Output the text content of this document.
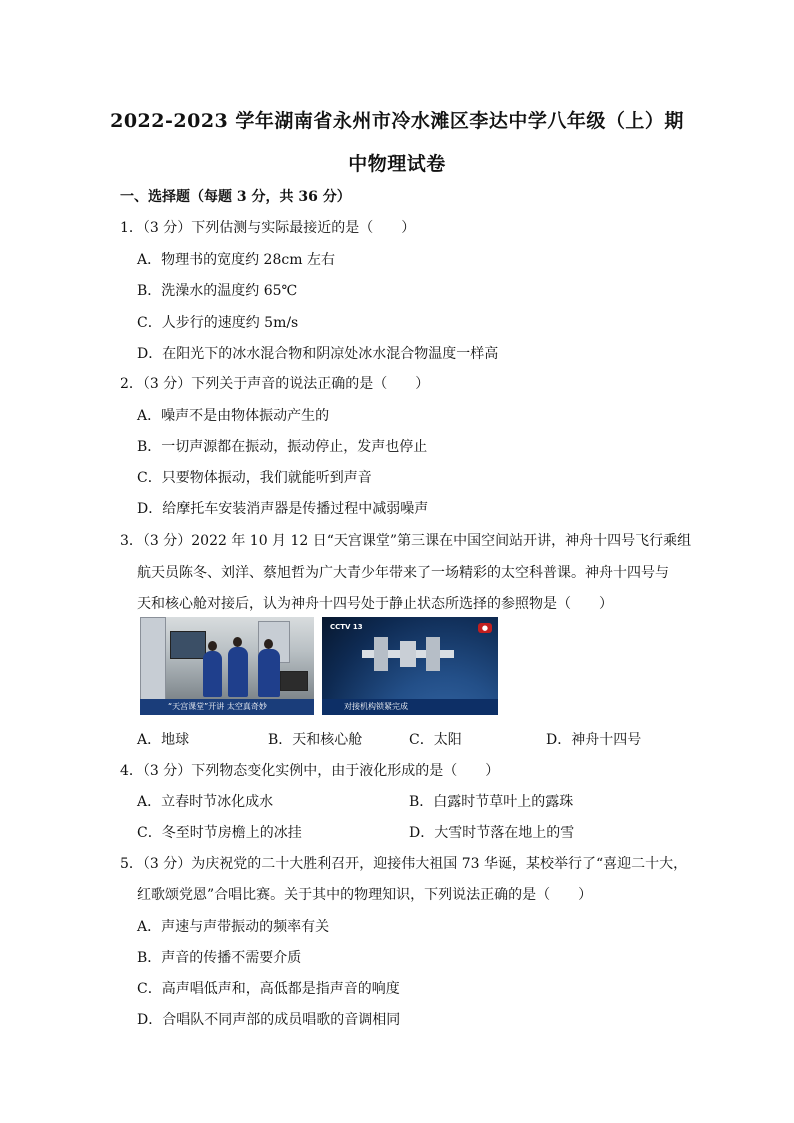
2022-2023 学年湖南省永州市冷水滩区李达中学八年级（上）期
中物理试卷
一、选择题（每题 3 分，共 36 分）
1．（3 分）下列估测与实际最接近的是（　　）
A．物理书的宽度约 28cm 左右
B．洗澡水的温度约 65℃
C．人步行的速度约 5m/s
D．在阳光下的冰水混合物和阴凉处冰水混合物温度一样高
2．（3 分）下列关于声音的说法正确的是（　　）
A．噪声不是由物体振动产生的
B．一切声源都在振动，振动停止，发声也停止
C．只要物体振动，我们就能听到声音
D．给摩托车安装消声器是传播过程中减弱噪声
3．（3 分）2022 年 10 月 12 日“天宫课堂”第三课在中国空间站开讲，神舟十四号飞行乘组
航天员陈冬、刘洋、蔡旭哲为广大青少年带来了一场精彩的太空科普课。神舟十四号与
天和核心舱对接后，认为神舟十四号处于静止状态所选择的参照物是（　　）
“天宫课堂”开讲 太空真奇妙
CCTV 13	●
对接机构锁紧完成
A．地球	B．天和核心舱	C．太阳	D．神舟十四号
4．（3 分）下列物态变化实例中，由于液化形成的是（　　）
A．立春时节冰化成水	B．白露时节草叶上的露珠
C．冬至时节房檐上的冰挂	D．大雪时节落在地上的雪
5．（3 分）为庆祝党的二十大胜利召开，迎接伟大祖国 73 华诞，某校举行了“喜迎二十大，
红歌颂党恩”合唱比赛。关于其中的物理知识，下列说法正确的是（　　）
A．声速与声带振动的频率有关
B．声音的传播不需要介质
C．高声唱低声和，高低都是指声音的响度
D．合唱队不同声部的成员唱歌的音调相同
